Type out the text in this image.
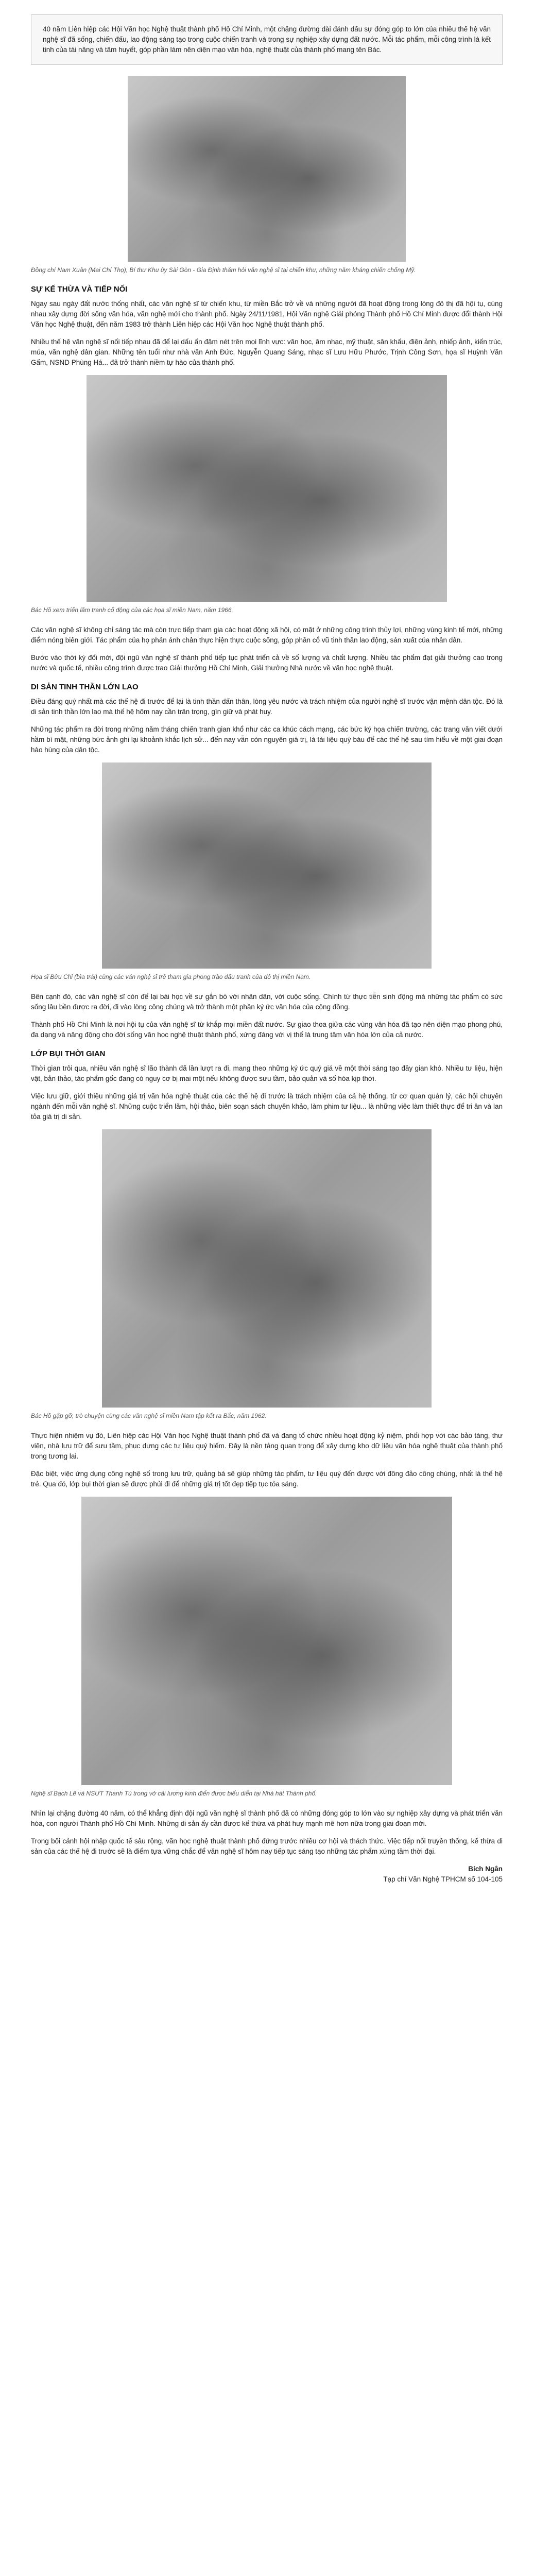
40 năm Liên hiệp các Hội Văn học Nghệ thuật thành phố Hồ Chí Minh, một chặng đường dài đánh dấu sự đóng góp to lớn của nhiều thế hệ văn nghệ sĩ đã sống, chiến đấu, lao động sáng tạo trong cuộc chiến tranh và trong sự nghiệp xây dựng đất nước. Mỗi tác phẩm, mỗi công trình là kết tinh của tài năng và tâm huyết, góp phần làm nên diện mạo văn hóa, nghệ thuật của thành phố mang tên Bác.

Đồng chí Nam Xuân (Mai Chí Thọ), Bí thư Khu ủy Sài Gòn - Gia Định thăm hỏi văn nghệ sĩ tại chiến khu, những năm kháng chiến chống Mỹ.

SỰ KẾ THỪA VÀ TIẾP NỐI

Ngay sau ngày đất nước thống nhất, các văn nghệ sĩ từ chiến khu, từ miền Bắc trở về và những người đã hoạt động trong lòng đô thị đã hội tụ, cùng nhau xây dựng đời sống văn hóa, văn nghệ mới cho thành phố. Ngày 24/11/1981, Hội Văn nghệ Giải phóng Thành phố Hồ Chí Minh được đổi thành Hội Văn học Nghệ thuật, đến năm 1983 trở thành Liên hiệp các Hội Văn học Nghệ thuật thành phố.

Nhiều thế hệ văn nghệ sĩ nối tiếp nhau đã để lại dấu ấn đậm nét trên mọi lĩnh vực: văn học, âm nhạc, mỹ thuật, sân khấu, điện ảnh, nhiếp ảnh, kiến trúc, múa, văn nghệ dân gian. Những tên tuổi như nhà văn Anh Đức, Nguyễn Quang Sáng, nhạc sĩ Lưu Hữu Phước, Trịnh Công Sơn, họa sĩ Huỳnh Văn Gấm, NSND Phùng Há... đã trở thành niềm tự hào của thành phố.

Bác Hồ xem triển lãm tranh cổ động của các họa sĩ miền Nam, năm 1966.

Các văn nghệ sĩ không chỉ sáng tác mà còn trực tiếp tham gia các hoạt động xã hội, có mặt ở những công trình thủy lợi, những vùng kinh tế mới, những điểm nóng biên giới. Tác phẩm của họ phản ánh chân thực hiện thực cuộc sống, góp phần cổ vũ tinh thần lao động, sản xuất của nhân dân.

Bước vào thời kỳ đổi mới, đội ngũ văn nghệ sĩ thành phố tiếp tục phát triển cả về số lượng và chất lượng. Nhiều tác phẩm đạt giải thưởng cao trong nước và quốc tế, nhiều công trình được trao Giải thưởng Hồ Chí Minh, Giải thưởng Nhà nước về văn học nghệ thuật.

DI SẢN TINH THẦN LỚN LAO

Điều đáng quý nhất mà các thế hệ đi trước để lại là tinh thần dấn thân, lòng yêu nước và trách nhiệm của người nghệ sĩ trước vận mệnh dân tộc. Đó là di sản tinh thần lớn lao mà thế hệ hôm nay cần trân trọng, gìn giữ và phát huy.

Những tác phẩm ra đời trong những năm tháng chiến tranh gian khổ như các ca khúc cách mạng, các bức ký họa chiến trường, các trang văn viết dưới hầm bí mật, những bức ảnh ghi lại khoảnh khắc lịch sử... đến nay vẫn còn nguyên giá trị, là tài liệu quý báu để các thế hệ sau tìm hiểu về một giai đoạn hào hùng của dân tộc.

Họa sĩ Bửu Chỉ (bìa trái) cùng các văn nghệ sĩ trẻ tham gia phong trào đấu tranh của đô thị miền Nam.

Bên cạnh đó, các văn nghệ sĩ còn để lại bài học về sự gắn bó với nhân dân, với cuộc sống. Chính từ thực tiễn sinh động mà những tác phẩm có sức sống lâu bền được ra đời, đi vào lòng công chúng và trở thành một phần ký ức văn hóa của cộng đồng.

Thành phố Hồ Chí Minh là nơi hội tụ của văn nghệ sĩ từ khắp mọi miền đất nước. Sự giao thoa giữa các vùng văn hóa đã tạo nên diện mạo phong phú, đa dạng và năng động cho đời sống văn học nghệ thuật thành phố, xứng đáng với vị thế là trung tâm văn hóa lớn của cả nước.

LỚP BỤI THỜI GIAN

Thời gian trôi qua, nhiều văn nghệ sĩ lão thành đã lần lượt ra đi, mang theo những ký ức quý giá về một thời sáng tạo đầy gian khó. Nhiều tư liệu, hiện vật, bản thảo, tác phẩm gốc đang có nguy cơ bị mai một nếu không được sưu tầm, bảo quản và số hóa kịp thời.

Việc lưu giữ, giới thiệu những giá trị văn hóa nghệ thuật của các thế hệ đi trước là trách nhiệm của cả hệ thống, từ cơ quan quản lý, các hội chuyên ngành đến mỗi văn nghệ sĩ. Những cuộc triển lãm, hội thảo, biên soạn sách chuyên khảo, làm phim tư liệu... là những việc làm thiết thực để tri ân và lan tỏa giá trị di sản.

Bác Hồ gặp gỡ, trò chuyện cùng các văn nghệ sĩ miền Nam tập kết ra Bắc, năm 1962.

Thực hiện nhiệm vụ đó, Liên hiệp các Hội Văn học Nghệ thuật thành phố đã và đang tổ chức nhiều hoạt động kỷ niệm, phối hợp với các bảo tàng, thư viện, nhà lưu trữ để sưu tầm, phục dựng các tư liệu quý hiếm. Đây là nền tảng quan trọng để xây dựng kho dữ liệu văn hóa nghệ thuật của thành phố trong tương lai.

Đặc biệt, việc ứng dụng công nghệ số trong lưu trữ, quảng bá sẽ giúp những tác phẩm, tư liệu quý đến được với đông đảo công chúng, nhất là thế hệ trẻ. Qua đó, lớp bụi thời gian sẽ được phủi đi để những giá trị tốt đẹp tiếp tục tỏa sáng.

Nghệ sĩ Bạch Lê và NSƯT Thanh Tú trong vở cải lương kinh điển được biểu diễn tại Nhà hát Thành phố.

Nhìn lại chặng đường 40 năm, có thể khẳng định đội ngũ văn nghệ sĩ thành phố đã có những đóng góp to lớn vào sự nghiệp xây dựng và phát triển văn hóa, con người Thành phố Hồ Chí Minh. Những di sản ấy cần được kế thừa và phát huy mạnh mẽ hơn nữa trong giai đoạn mới.

Trong bối cảnh hội nhập quốc tế sâu rộng, văn học nghệ thuật thành phố đứng trước nhiều cơ hội và thách thức. Việc tiếp nối truyền thống, kế thừa di sản của các thế hệ đi trước sẽ là điểm tựa vững chắc để văn nghệ sĩ hôm nay tiếp tục sáng tạo những tác phẩm xứng tầm thời đại.

Bích Ngân
Tạp chí Văn Nghệ TPHCM số 104-105
